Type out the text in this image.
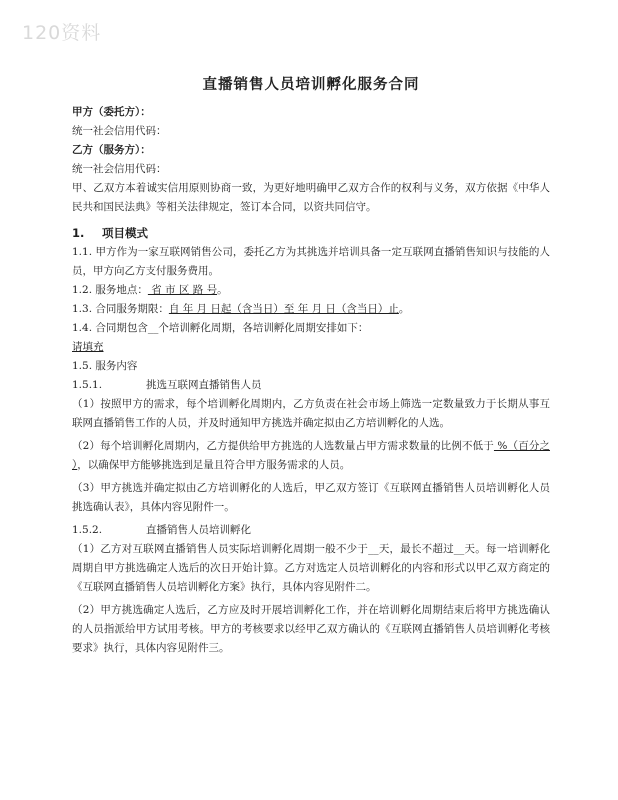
120资料
直播销售人员培训孵化服务合同

甲方（委托方）：

统一社会信用代码：

乙方（服务方）：

统一社会信用代码：

甲、乙双方本着诚实信用原则协商一致，为更好地明确甲乙双方合作的权利与义务，双方依据《中华人民共和国民法典》等相关法律规定，签订本合同，以资共同信守。

1. 项目模式

1.1. 甲方作为一家互联网销售公司，委托乙方为其挑选并培训具备一定互联网直播销售知识与技能的人员，甲方向乙方支付服务费用。

1.2. 服务地点： 省 市 区 路 号。

1.3. 合同服务期限：自 年 月 日起（含当日）至 年 月 日（含当日）止。

1.4. 合同期包含__个培训孵化周期，各培训孵化周期安排如下：

请填充

1.5. 服务内容

1.5.1.	挑选互联网直播销售人员

（1）按照甲方的需求，每个培训孵化周期内，乙方负责在社会市场上筛选一定数量致力于长期从事互联网直播销售工作的人员，并及时通知甲方挑选并确定拟由乙方培训孵化的人选。

（2）每个培训孵化周期内，乙方提供给甲方挑选的人选数量占甲方需求数量的比例不低于 %（百分之 ），以确保甲方能够挑选到足量且符合甲方服务需求的人员。

（3）甲方挑选并确定拟由乙方培训孵化的人选后，甲乙双方签订《互联网直播销售人员培训孵化人员挑选确认表》，具体内容见附件一。

1.5.2.	直播销售人员培训孵化

（1）乙方对互联网直播销售人员实际培训孵化周期一般不少于__天，最长不超过__天。每一培训孵化周期自甲方挑选确定人选后的次日开始计算。乙方对选定人员培训孵化的内容和形式以甲乙双方商定的《互联网直播销售人员培训孵化方案》执行，具体内容见附件二。

（2）甲方挑选确定人选后，乙方应及时开展培训孵化工作，并在培训孵化周期结束后将甲方挑选确认的人员指派给甲方试用考核。甲方的考核要求以经甲乙双方确认的《互联网直播销售人员培训孵化考核要求》执行，具体内容见附件三。
